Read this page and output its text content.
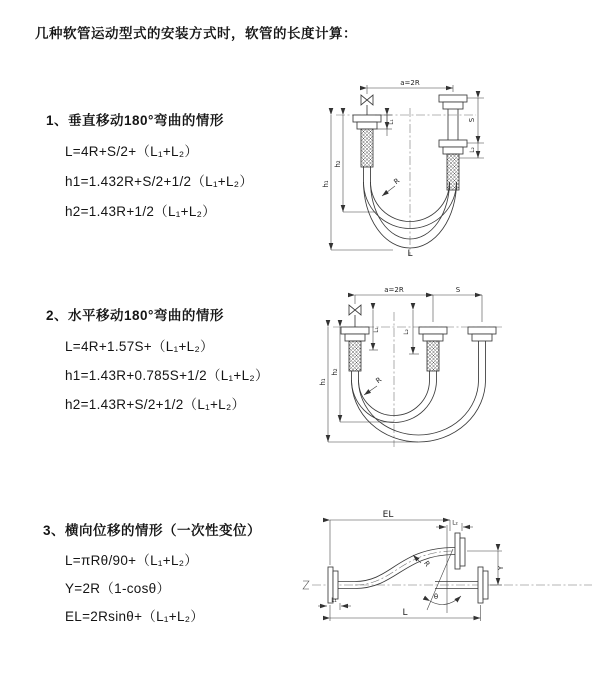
几种软管运动型式的安装方式时，软管的长度计算：
1、垂直移动180°弯曲的情形
L=4R+S/2+（L₁+L₂）
h1=1.432R+S/2+1/2（L₁+L₂）
h2=1.43R+1/2（L₁+L₂）
a=2R
L₁	S
L₂
h₁
h₂
R
L
2、水平移动180°弯曲的情形
L=4R+1.57S+（L₁+L₂）
h1=1.43R+0.785S+1/2（L₁+L₂）
h2=1.43R+S/2+1/2（L₁+L₂）
a=2R	S
L₁	L₂
h₁
h₂
R
3、横向位移的情形（一次性变位）
L=πRθ/90+（L₁+L₂）
Y=2R（1-cosθ）
EL=2Rsinθ+（L₁+L₂）
EL
L₂
Y
R
θ
L₁
L
